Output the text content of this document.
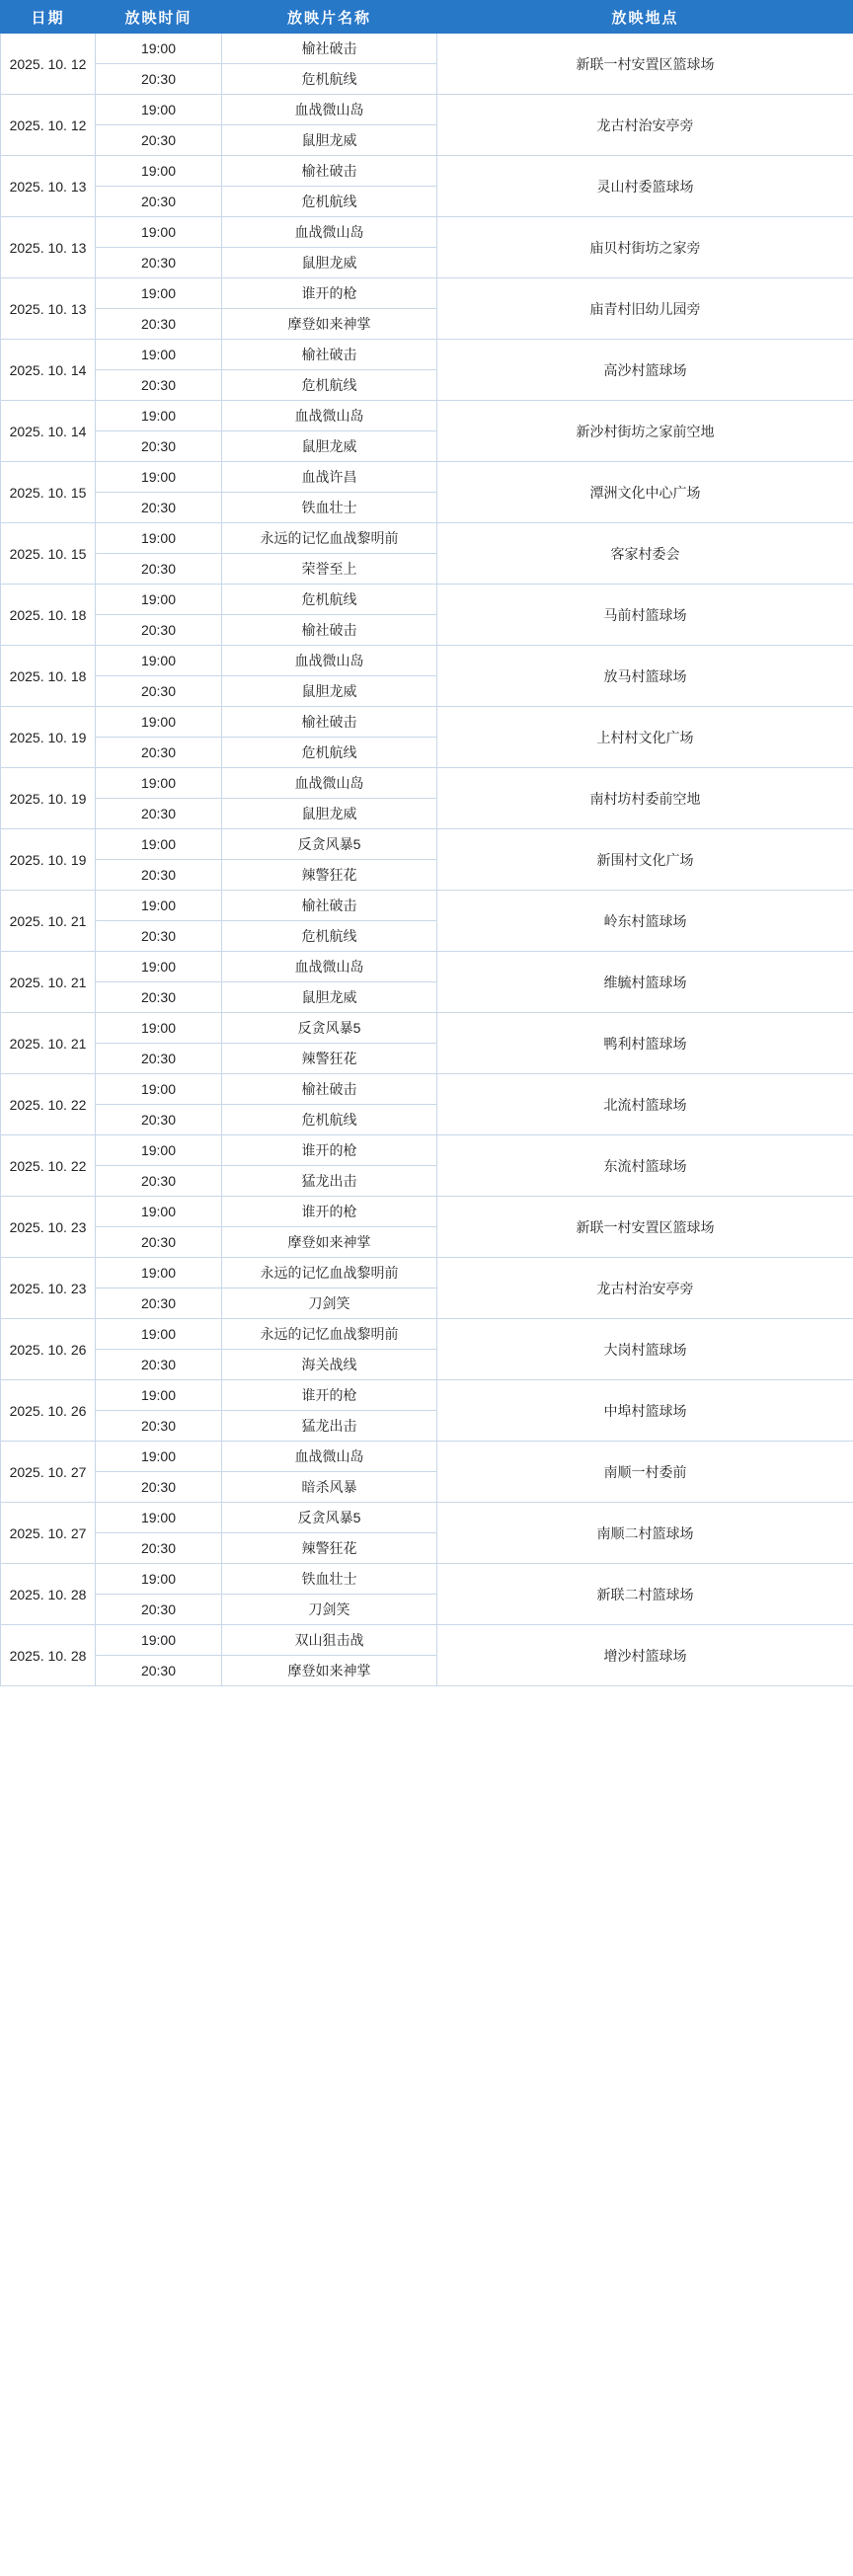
日期	放映时间	放映片名称	放映地点
2025. 10. 12	19:00	榆社破击	新联一村安置区篮球场
	20:30	危机航线	
2025. 10. 12	19:00	血战微山岛	龙古村治安亭旁
	20:30	鼠胆龙威	
2025. 10. 13	19:00	榆社破击	灵山村委篮球场
	20:30	危机航线	
2025. 10. 13	19:00	血战微山岛	庙贝村街坊之家旁
	20:30	鼠胆龙威	
2025. 10. 13	19:00	谁开的枪	庙青村旧幼儿园旁
	20:30	摩登如来神掌	
2025. 10. 14	19:00	榆社破击	高沙村篮球场
	20:30	危机航线	
2025. 10. 14	19:00	血战微山岛	新沙村街坊之家前空地
	20:30	鼠胆龙威	
2025. 10. 15	19:00	血战许昌	潭洲文化中心广场
	20:30	铁血壮士	
2025. 10. 15	19:00	永远的记忆血战黎明前	客家村委会
	20:30	荣誉至上	
2025. 10. 18	19:00	危机航线	马前村篮球场
	20:30	榆社破击	
2025. 10. 18	19:00	血战微山岛	放马村篮球场
	20:30	鼠胆龙威	
2025. 10. 19	19:00	榆社破击	上村村文化广场
	20:30	危机航线	
2025. 10. 19	19:00	血战微山岛	南村坊村委前空地
	20:30	鼠胆龙威	
2025. 10. 19	19:00	反贪风暴5	新围村文化广场
	20:30	辣警狂花	
2025. 10. 21	19:00	榆社破击	岭东村篮球场
	20:30	危机航线	
2025. 10. 21	19:00	血战微山岛	维毓村篮球场
	20:30	鼠胆龙威	
2025. 10. 21	19:00	反贪风暴5	鸭利村篮球场
	20:30	辣警狂花	
2025. 10. 22	19:00	榆社破击	北流村篮球场
	20:30	危机航线	
2025. 10. 22	19:00	谁开的枪	东流村篮球场
	20:30	猛龙出击	
2025. 10. 23	19:00	谁开的枪	新联一村安置区篮球场
	20:30	摩登如来神掌	
2025. 10. 23	19:00	永远的记忆血战黎明前	龙古村治安亭旁
	20:30	刀剑笑	
2025. 10. 26	19:00	永远的记忆血战黎明前	大岗村篮球场
	20:30	海关战线	
2025. 10. 26	19:00	谁开的枪	中埠村篮球场
	20:30	猛龙出击	
2025. 10. 27	19:00	血战微山岛	南顺一村委前
	20:30	暗杀风暴	
2025. 10. 27	19:00	反贪风暴5	南顺二村篮球场
	20:30	辣警狂花	
2025. 10. 28	19:00	铁血壮士	新联二村篮球场
	20:30	刀剑笑	
2025. 10. 28	19:00	双山狙击战	增沙村篮球场
	20:30	摩登如来神掌	
